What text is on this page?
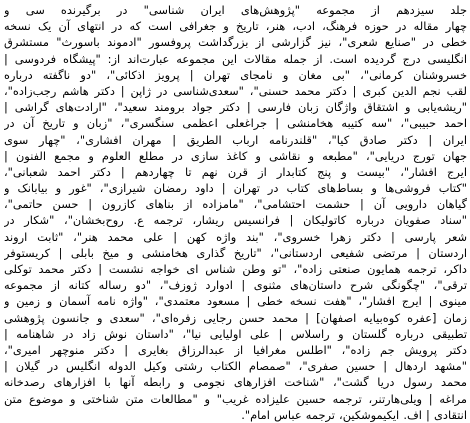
جلد سیزدهم از مجموعه "پژوهش‌های ایران شناسی" در برگیرنده سی و
چهار مقاله در حوزه فرهنگ، ادب، هنر، تاریخ و جغرافی است که در انتهای آن یک نسخه
خطی در "صنایع شعری"، نیز گزارشی از بزرگداشت پروفسور "ادموند باسورث" مستشرق
انگلیسی درج گردیده است. از جمله مقالات این مجموعه عبارت‌اند از: "پیشگاه فردوسی |
خسروشنان کرمانی"، "بی مغان و نامجای تهران | پرویز اذکائی"، "دو ناگفته درباره
لقب نجم الدین کبری | دکتر محمد حسنی"، "سعدی‌شناسی در ژاپن | دکتر هاشم رجب‌زاده"،
"ریشه‌یابی و اشتقاق واژگان زبان فارسی | دکتر جواد برومند سعید"، "ارادت‌های گراشی |
احمد حبیبی"، "سه کتیبه هخامنشی | جراغعلی اعظمی سنگسری"، "زبان و تاریخ آن در
ایران | دکتر صادق کیا"، "قلندرنامه ارباب الطریق | مهران افشاری"، "چهار سوی
جهان تورج دریایی"، "مطبعه و نقاشی و کاغذ سازی در مطلع العلوم و مجمع الفنون |
ایرج افشار"، "بیست و پنج کتابدار از قرن نهم تا چهاردهم | دکتر احمد شعبانی"،
"کتاب فروشی‌ها و بساط‌های کتاب در تهران | داود رمضان شیرازی"، "غور و بیابانک و
گیاهان دارویی آن | حشمت احتشامی"، "مامزاده از بناهای کازرون | حسن حاتمی"،
"سناد صفویان درباره کاتولیکان | فرانسیس ریشار، ترجمه ع. روح‌بخشان"، "شکار در
شعر پارسی | دکتر زهرا خسروی"، "بند واژه کهن | علی محمد هنر"، "ثابت اروند
اردستان | مرتضی شفیعی اردستانی"، "تاریخ گذاری هخامنشی و میخ بابلی | کریستوفر
داکر، ترجمه همایون صنعتی زاده"، "تو وطن شناس ای خواجه نشست | دکتر محمد توکلی
ترقی"، "چگونگی شرح داستان‌های مثنوی | ادوارد ژوزف"، "دو رساله کتانه از مجموعه
مینوی | ایرج افشار"، "هفت نسخه خطی | مسعود معتمدی"، "واژه نامه آسمان و زمین و
زمان [عفره کوه‌بیایه اصفهان] | محمد حسن رجایی زفره‌ای"، "سعدی و جانسون پژوهشی
تطبیقی درباره گلستان و راسلاس | علی اولیایی نیا"، "داستان نوش زاد در شاهنامه |
دکتر پرویش جم زاده"، "اطلس مغرافیا از عبدالرزاق بغایری | دکتر منوچهر امیری"،
"مشهد اردهال | حسین صفری"، "صمصام الکتاب رشتی وکیل الدوله انگلیس در گیلان |
محمد رسول دریا گشت"، "شناخت افزارهای نجومی و رابطه آنها با افزارهای رصدخانه
مراغه | ویلی‌هارتنر، ترجمه حسین علیزاده غریب" و "مطالعات متن شناختی و موضوع متن
انتقادی | اف. ایکیموشکین، ترجمه عباس امام".
